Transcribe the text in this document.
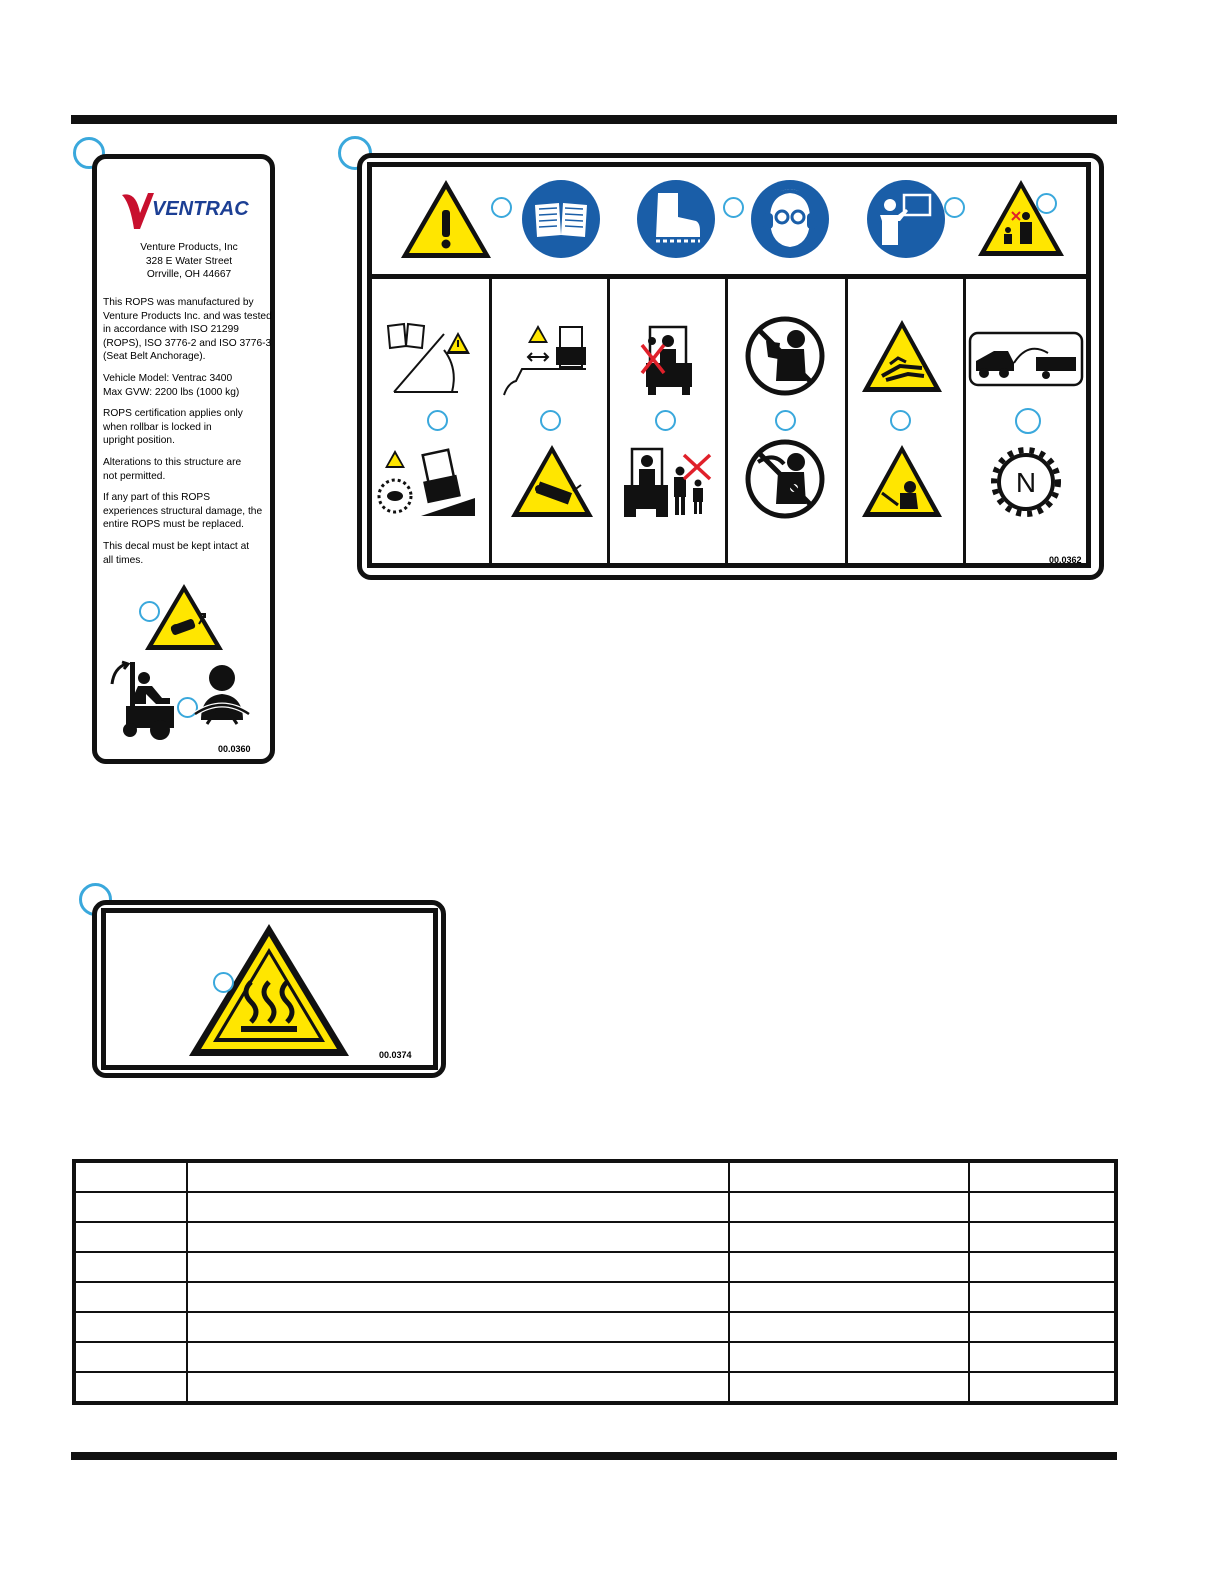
VENTRAC
Venture Products, Inc
328 E Water Street
Orrville, OH 44667

This ROPS was manufactured by Venture Products Inc. and was tested in accordance with ISO 21299 (ROPS), ISO 3776-2 and ISO 3776-3 (Seat Belt Anchorage).

Vehicle Model: Ventrac 3400 Max GVW: 2200 lbs (1000 kg)

ROPS certification applies only when rollbar is locked in upright position.

Alterations to this structure are not permitted.

If any part of this ROPS experiences structural damage, the entire ROPS must be replaced.

This decal must be kept intact at all times.

00.0360
N
00.0362
00.0374
